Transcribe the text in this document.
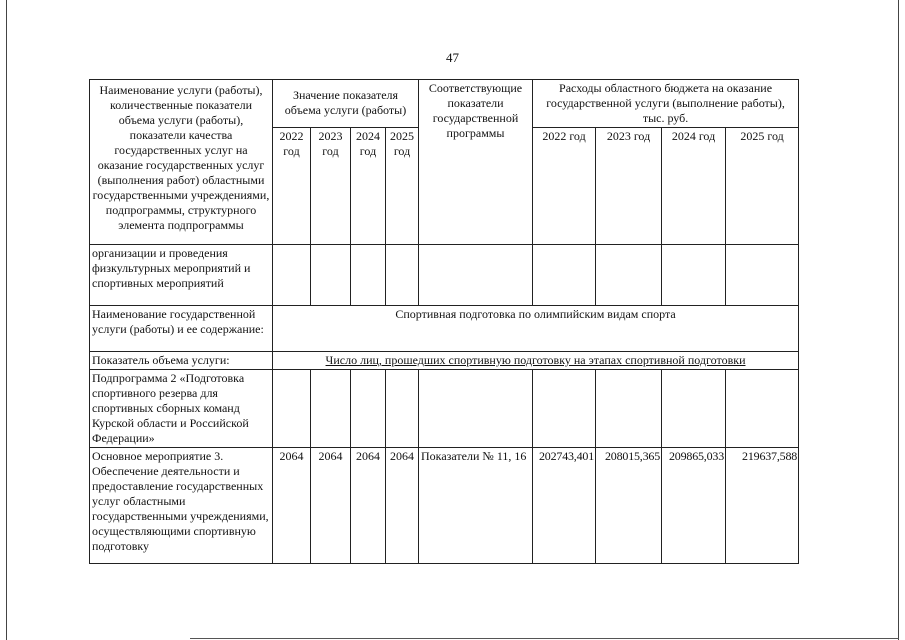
47
Наименование услуги (работы), количественные показатели объема услуги (работы), показатели качества государственных услуг на оказание государственных услуг (выполнения работ) областными государственными учреждениями, подпрограммы, структурного элемента подпрограммы	Значение показателя объема услуги (работы)				Соответствующие показатели государственной программы	Расходы областного бюджета на оказание государственной услуги (выполнение работы), тыс. руб.			
	2022 год	2023 год	2024 год	2025 год		2022 год	2023 год	2024 год	2025 год
организации и проведения физкультурных мероприятий и спортивных мероприятий									
Наименование государственной услуги (работы) и ее содержание:	Спортивная подготовка по олимпийским видам спорта								
Показатель объема услуги:	Число лиц, прошедших спортивную подготовку на этапах спортивной подготовки								
Подпрограмма 2 «Подготовка спортивного резерва для спортивных сборных команд Курской области и Российской Федерации»									
Основное мероприятие 3. Обеспечение деятельности и предоставление государственных услуг областными государственными учреждениями, осуществляющими спортивную подготовку	2064	2064	2064	2064	Показатели № 11, 16	202743,401	208015,365	209865,033	219637,588
